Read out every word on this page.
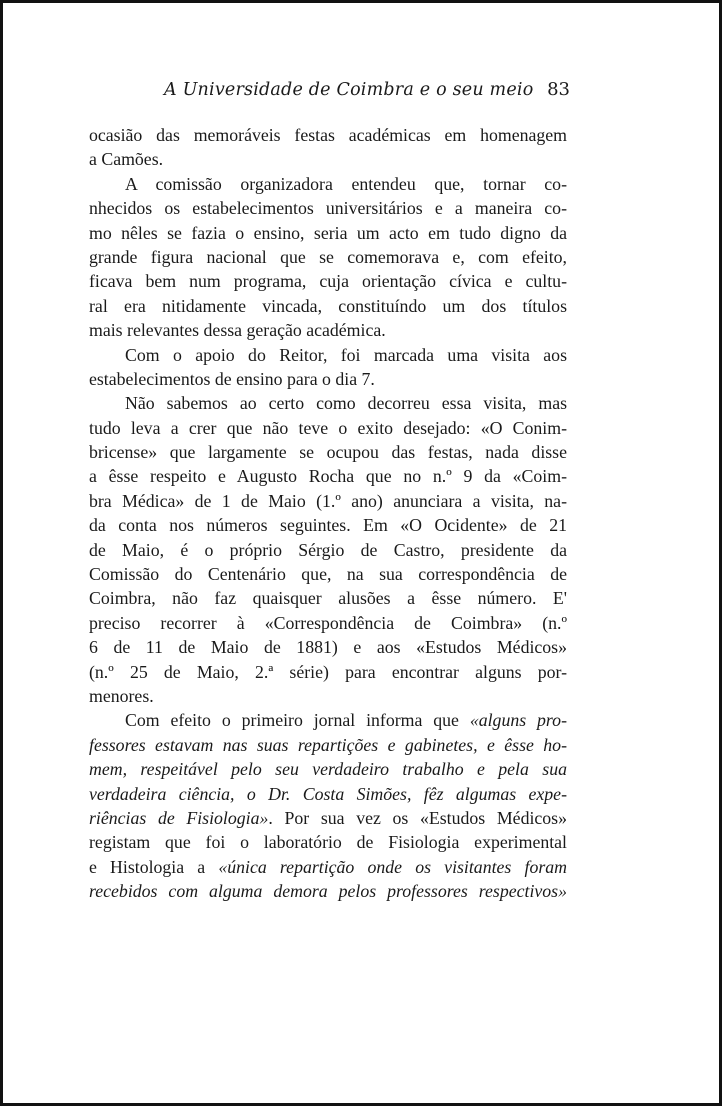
A Universidade de Coimbra e o seu meio 83
ocasião das memoráveis festas académicas em homenagem
a Camões.
A comissão organizadora entendeu que, tornar co-
nhecidos os estabelecimentos universitários e a maneira co-
mo nêles se fazia o ensino, seria um acto em tudo digno da
grande figura nacional que se comemorava e, com efeito,
ficava bem num programa, cuja orientação cívica e cultu-
ral era nitidamente vincada, constituíndo um dos títulos
mais relevantes dessa geração académica.
Com o apoio do Reitor, foi marcada uma visita aos
estabelecimentos de ensino para o dia 7.
Não sabemos ao certo como decorreu essa visita, mas
tudo leva a crer que não teve o exito desejado: «O Conim-
bricense» que largamente se ocupou das festas, nada disse
a êsse respeito e Augusto Rocha que no n.º 9 da «Coim-
bra Médica» de 1 de Maio (1.º ano) anunciara a visita, na-
da conta nos números seguintes. Em «O Ocidente» de 21
de Maio, é o próprio Sérgio de Castro, presidente da
Comissão do Centenário que, na sua correspondência de
Coimbra, não faz quaisquer alusões a êsse número. E'
preciso recorrer à «Correspondência de Coimbra» (n.º
6 de 11 de Maio de 1881) e aos «Estudos Médicos»
(n.º 25 de Maio, 2.ª série) para encontrar alguns por-
menores.
Com efeito o primeiro jornal informa que «alguns pro-
fessores estavam nas suas repartições e gabinetes, e êsse ho-
mem, respeitável pelo seu verdadeiro trabalho e pela sua
verdadeira ciência, o Dr. Costa Simões, fêz algumas expe-
riências de Fisiologia». Por sua vez os «Estudos Médicos»
registam que foi o laboratório de Fisiologia experimental
e Histologia a «única repartição onde os visitantes foram
recebidos com alguma demora pelos professores respectivos»
